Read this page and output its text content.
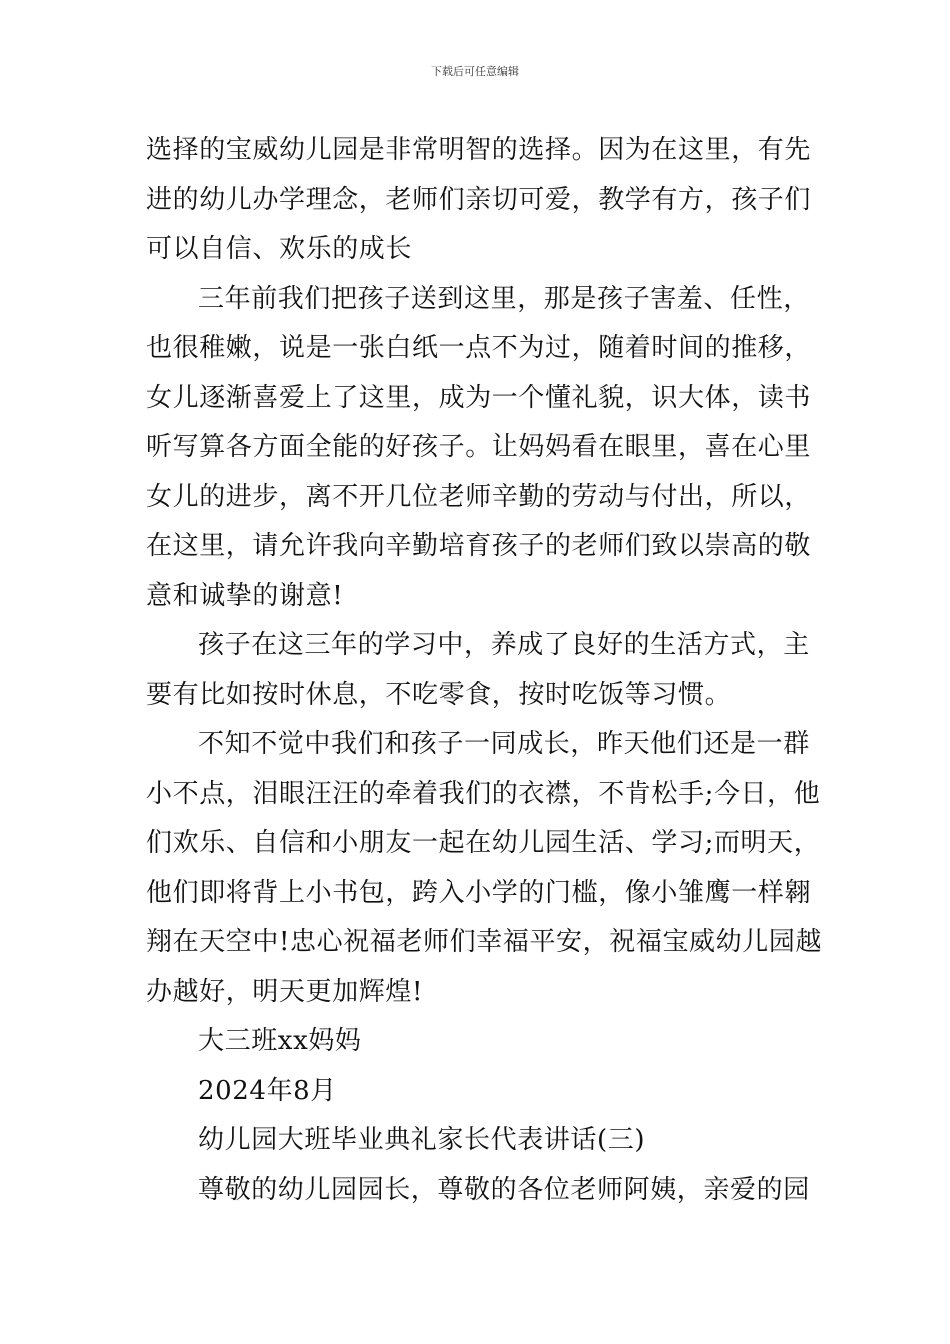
下载后可任意编辑
选择的宝威幼儿园是非常明智的选择。因为在这里，有先
进的幼儿办学理念，老师们亲切可爱，教学有方，孩子们
可以自信、欢乐的成长
三年前我们把孩子送到这里，那是孩子害羞、任性，
也很稚嫩，说是一张白纸一点不为过，随着时间的推移，
女儿逐渐喜爱上了这里，成为一个懂礼貌，识大体，读书
听写算各方面全能的好孩子。让妈妈看在眼里，喜在心里
女儿的进步，离不开几位老师辛勤的劳动与付出，所以，
在这里，请允许我向辛勤培育孩子的老师们致以崇高的敬
意和诚挚的谢意!
孩子在这三年的学习中，养成了良好的生活方式，主
要有比如按时休息，不吃零食，按时吃饭等习惯。
不知不觉中我们和孩子一同成长，昨天他们还是一群
小不点，泪眼汪汪的牵着我们的衣襟，不肯松手;今日，他
们欢乐、自信和小朋友一起在幼儿园生活、学习;而明天，
他们即将背上小书包，跨入小学的门槛，像小雏鹰一样翱
翔在天空中!忠心祝福老师们幸福平安，祝福宝威幼儿园越
办越好，明天更加辉煌!
大三班xx妈妈
2024年8月
幼儿园大班毕业典礼家长代表讲话(三)
尊敬的幼儿园园长，尊敬的各位老师阿姨，亲爱的园
